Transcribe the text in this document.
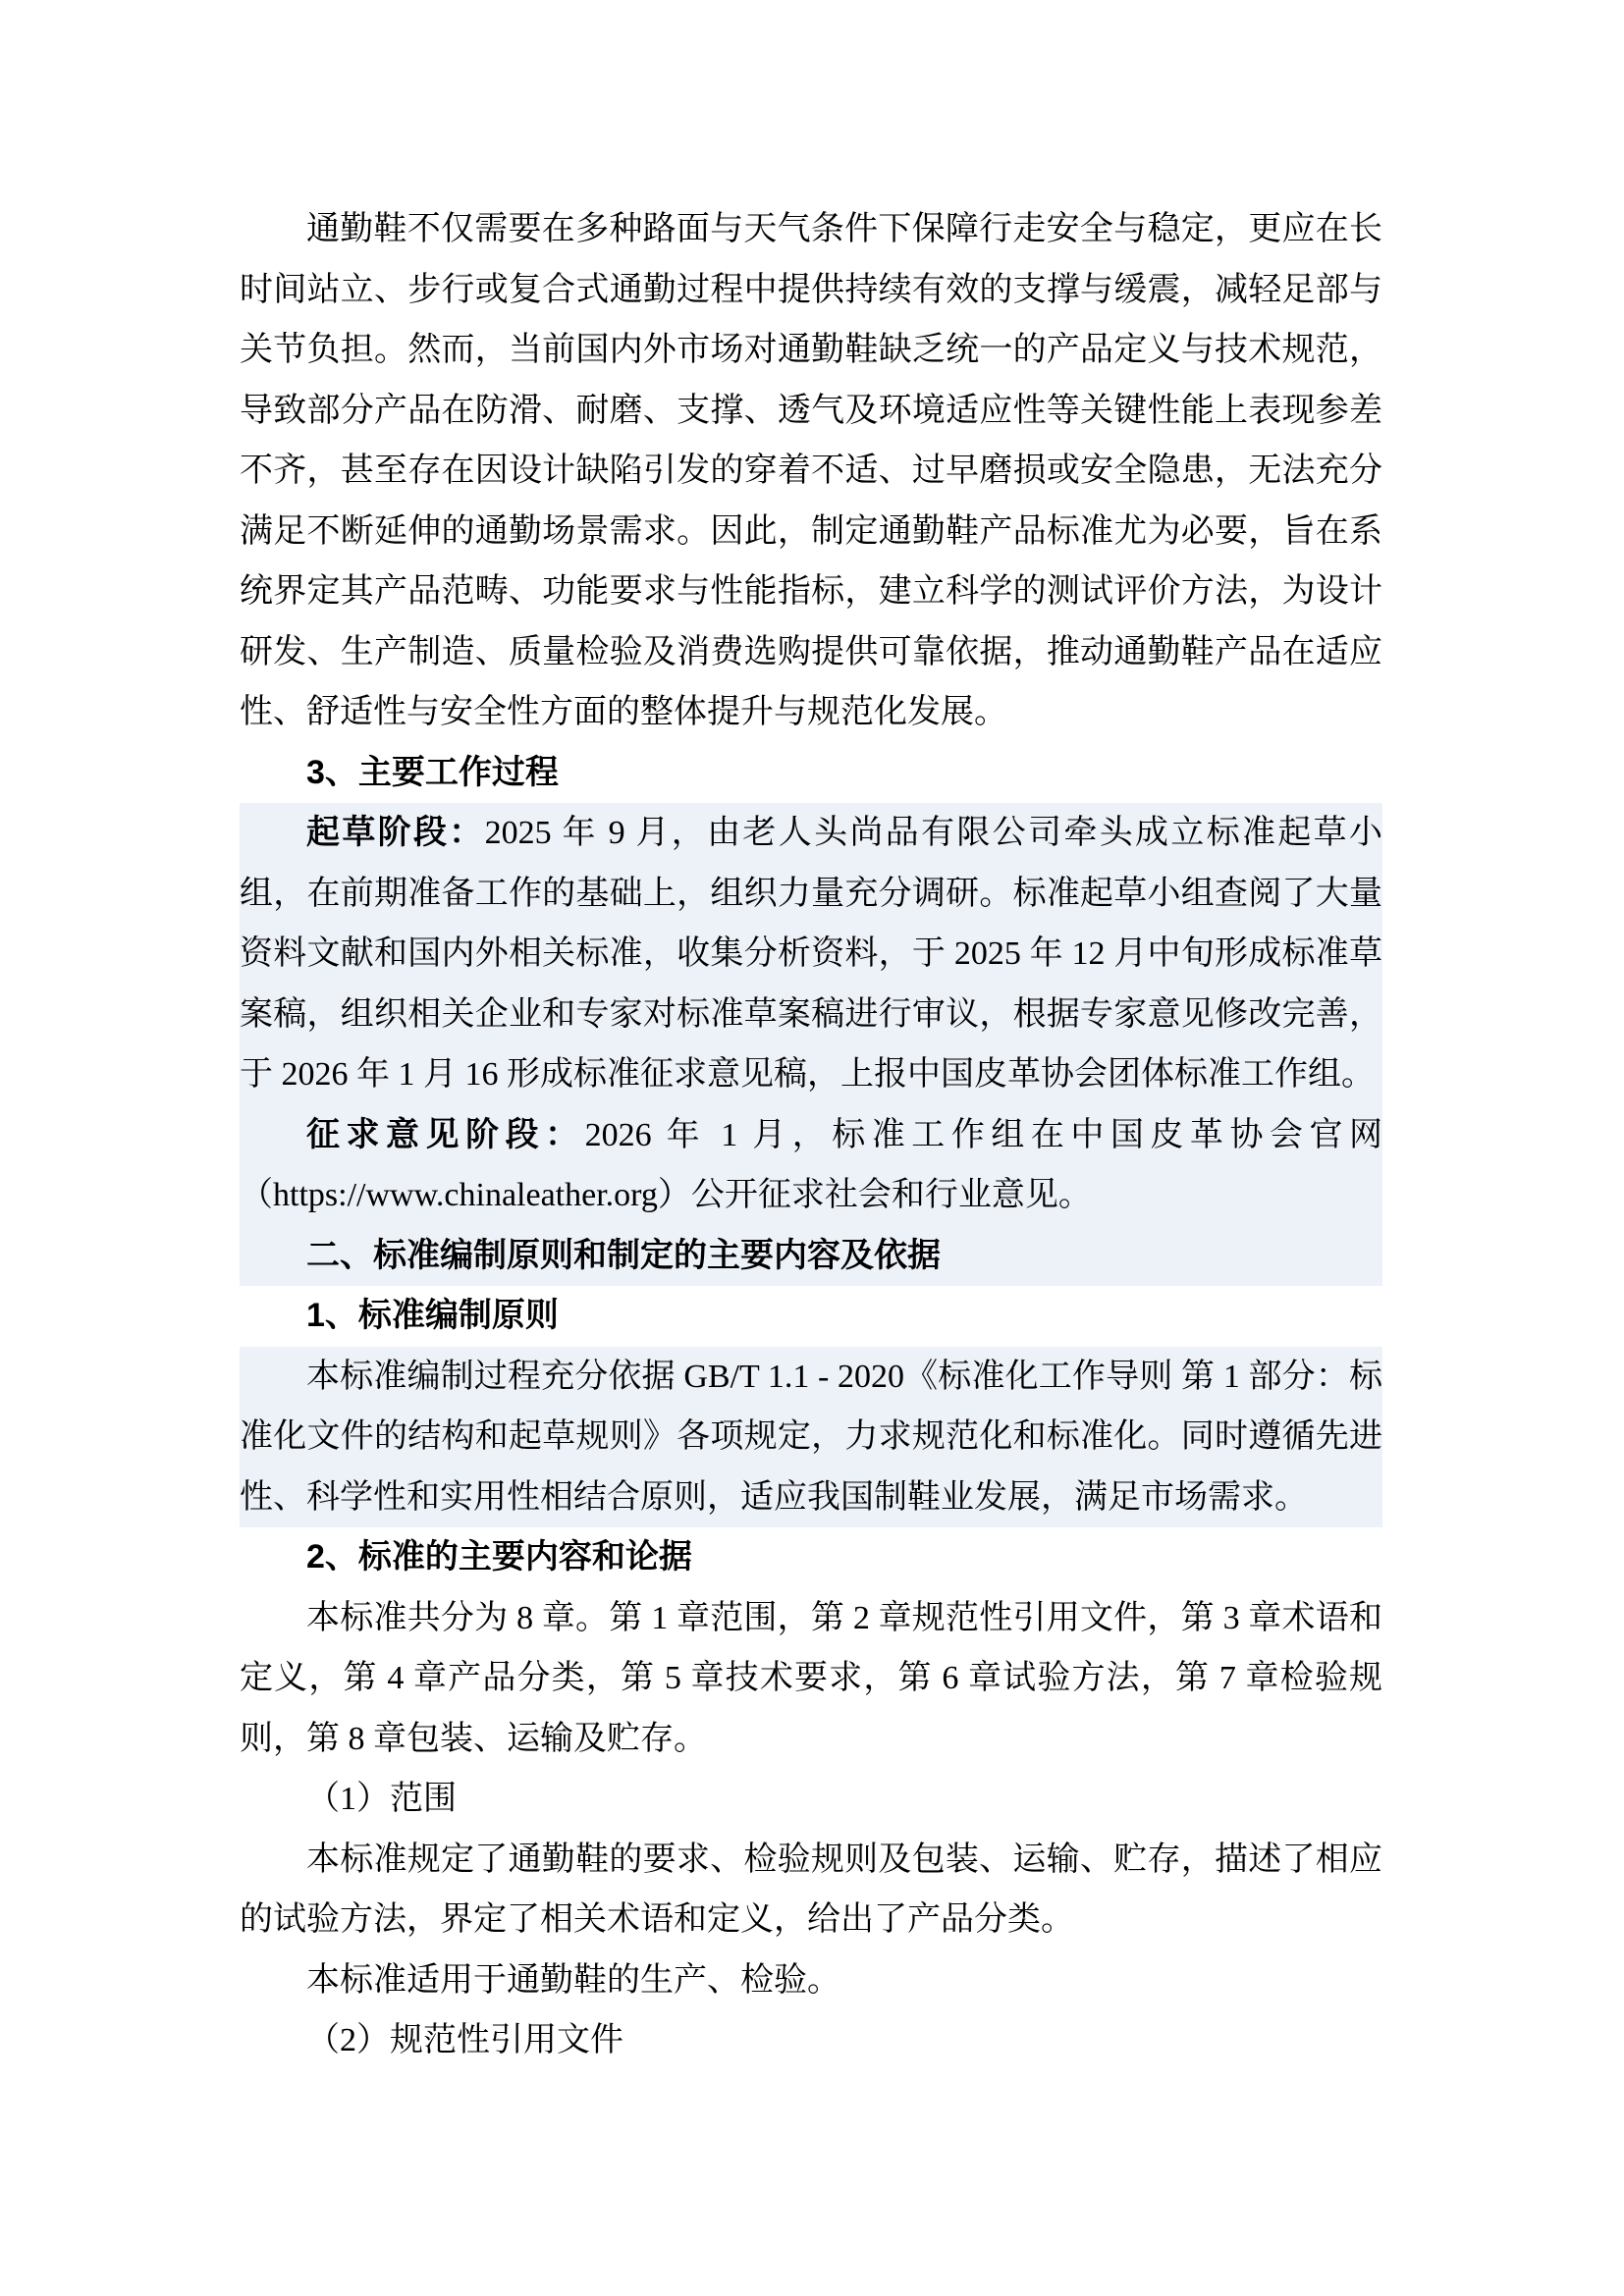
通勤鞋不仅需要在多种路面与天气条件下保障行走安全与稳定，更应在长时间站立、步行或复合式通勤过程中提供持续有效的支撑与缓震，减轻足部与关节负担。然而，当前国内外市场对通勤鞋缺乏统一的产品定义与技术规范，导致部分产品在防滑、耐磨、支撑、透气及环境适应性等关键性能上表现参差不齐，甚至存在因设计缺陷引发的穿着不适、过早磨损或安全隐患，无法充分满足不断延伸的通勤场景需求。因此，制定通勤鞋产品标准尤为必要，旨在系统界定其产品范畴、功能要求与性能指标，建立科学的测试评价方法，为设计研发、生产制造、质量检验及消费选购提供可靠依据，推动通勤鞋产品在适应性、舒适性与安全性方面的整体提升与规范化发展。

3、主要工作过程

起草阶段：2025 年 9 月，由老人头尚品有限公司牵头成立标准起草小组，在前期准备工作的基础上，组织力量充分调研。标准起草小组查阅了大量资料文献和国内外相关标准，收集分析资料，于 2025 年 12 月中旬形成标准草案稿，组织相关企业和专家对标准草案稿进行审议，根据专家意见修改完善，于 2026 年 1 月 16 形成标准征求意见稿，上报中国皮革协会团体标准工作组。

征求意见阶段：2026 年 1 月，标准工作组在中国皮革协会官网（https://www.chinaleather.org）公开征求社会和行业意见。

二、标准编制原则和制定的主要内容及依据

1、标准编制原则

本标准编制过程充分依据 GB/T 1.1 - 2020《标准化工作导则 第 1 部分：标准化文件的结构和起草规则》各项规定，力求规范化和标准化。同时遵循先进性、科学性和实用性相结合原则，适应我国制鞋业发展，满足市场需求。

2、标准的主要内容和论据

本标准共分为 8 章。第 1 章范围，第 2 章规范性引用文件，第 3 章术语和定义，第 4 章产品分类，第 5 章技术要求，第 6 章试验方法，第 7 章检验规则，第 8 章包装、运输及贮存。

（1）范围

本标准规定了通勤鞋的要求、检验规则及包装、运输、贮存，描述了相应的试验方法，界定了相关术语和定义，给出了产品分类。

本标准适用于通勤鞋的生产、检验。

（2）规范性引用文件
